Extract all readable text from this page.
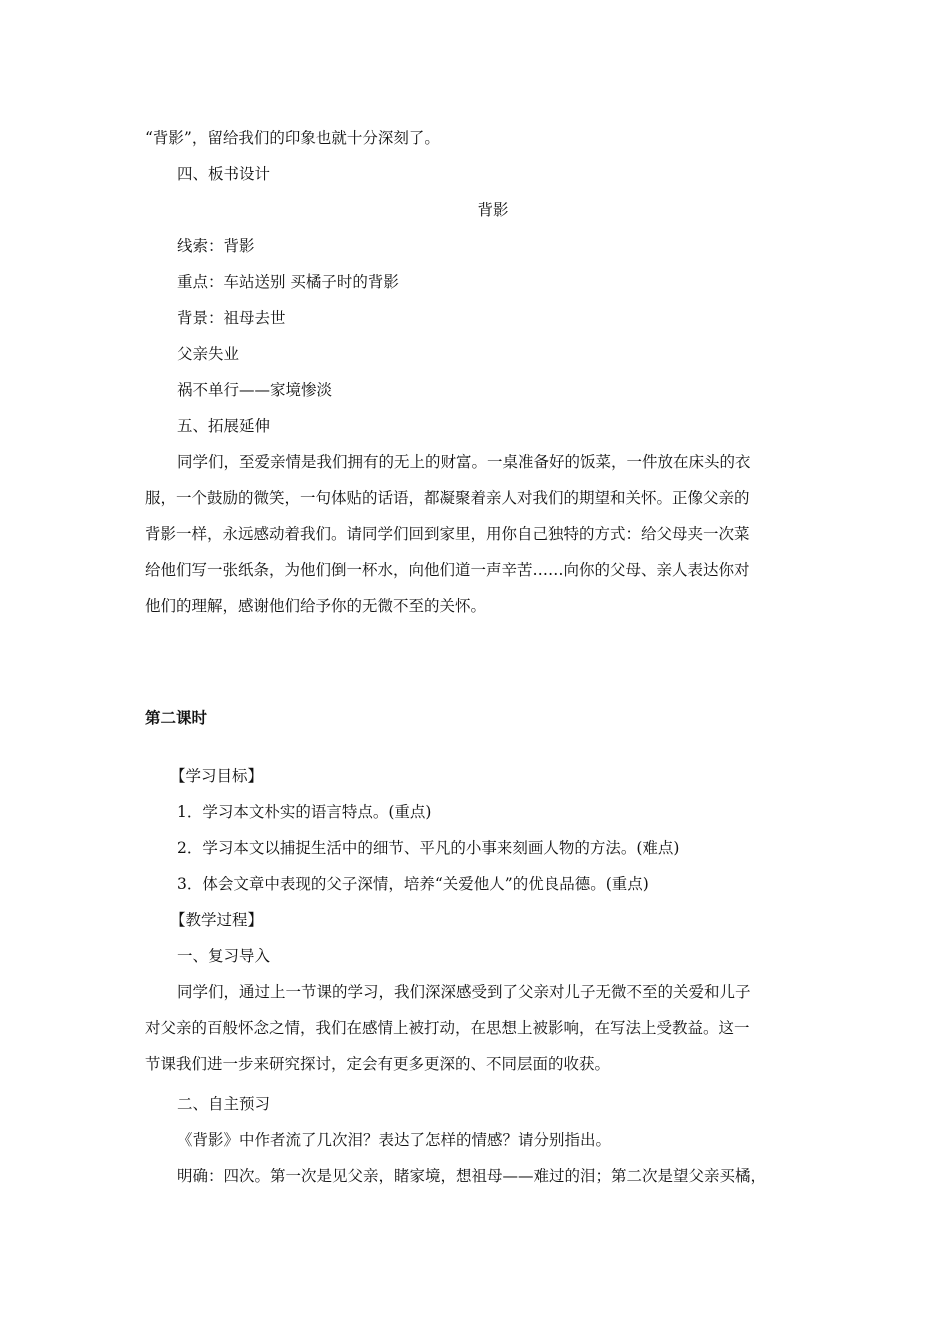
“背影”，留给我们的印象也就十分深刻了。
四、板书设计
背影
线索：背影
重点：车站送别 买橘子时的背影
背景：祖母去世
父亲失业
祸不单行——家境惨淡
五、拓展延伸
同学们，至爱亲情是我们拥有的无上的财富。一桌准备好的饭菜，一件放在床头的衣
服，一个鼓励的微笑，一句体贴的话语，都凝聚着亲人对我们的期望和关怀。正像父亲的
背影一样，永远感动着我们。请同学们回到家里，用你自己独特的方式：给父母夹一次菜
给他们写一张纸条，为他们倒一杯水，向他们道一声辛苦……向你的父母、亲人表达你对
他们的理解，感谢他们给予你的无微不至的关怀。
第二课时
【学习目标】
1．学习本文朴实的语言特点。(重点)
2．学习本文以捕捉生活中的细节、平凡的小事来刻画人物的方法。(难点)
3．体会文章中表现的父子深情，培养“关爱他人”的优良品德。(重点)
【教学过程】
一、复习导入
同学们，通过上一节课的学习，我们深深感受到了父亲对儿子无微不至的关爱和儿子
对父亲的百般怀念之情，我们在感情上被打动，在思想上被影响，在写法上受教益。这一
节课我们进一步来研究探讨，定会有更多更深的、不同层面的收获。
二、自主预习
《背影》中作者流了几次泪？表达了怎样的情感？请分别指出。
明确：四次。第一次是见父亲，睹家境，想祖母——难过的泪；第二次是望父亲买橘，
